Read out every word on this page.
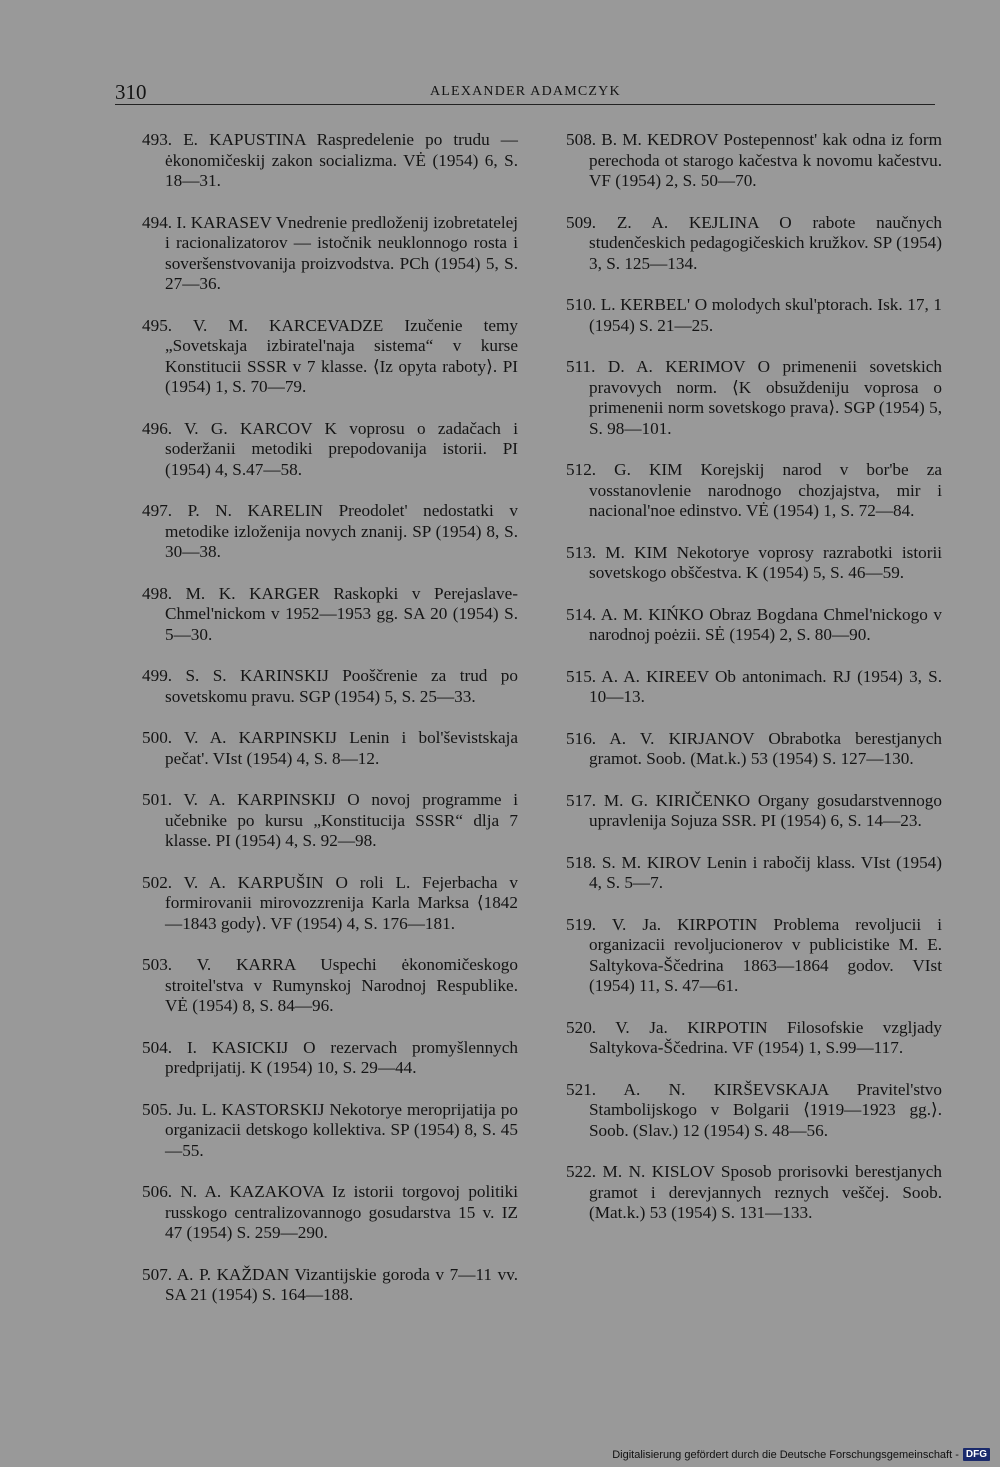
310	ALEXANDER ADAMCZYK

493. E. KAPUSTINA Raspredelenie po trudu — ėkonomičeskij zakon socializma. VĖ (1954) 6, S. 18—31.

494. I. KARASEV Vnedrenie predloženij izobretatelej i racionalizatorov — istočnik neuklonnogo rosta i soveršenstvovanija proizvodstva. PCh (1954) 5, S. 27—36.

495. V. M. KARCEVADZE Izučenie temy „Sovetskaja izbiratel'naja sistema“ v kurse Konstitucii SSSR v 7 klasse. ⟨Iz opyta raboty⟩. PI (1954) 1, S. 70—79.

496. V. G. KARCOV K voprosu o zadačach i soderžanii metodiki prepodovanija istorii. PI (1954) 4, S.47—58.

497. P. N. KARELIN Preodolet' nedostatki v metodike izloženija novych znanij. SP (1954) 8, S. 30—38.

498. M. K. KARGER Raskopki v Perejaslave-Chmel'nickom v 1952—1953 gg. SA 20 (1954) S. 5—30.

499. S. S. KARINSKIJ Pooščrenie za trud po sovetskomu pravu. SGP (1954) 5, S. 25—33.

500. V. A. KARPINSKIJ Lenin i bol'ševistskaja pečat'. VIst (1954) 4, S. 8—12.

501. V. A. KARPINSKIJ O novoj programme i učebnike po kursu „Konstitucija SSSR“ dlja 7 klasse. PI (1954) 4, S. 92—98.

502. V. A. KARPUŠIN O roli L. Fejerbacha v formirovanii mirovozzrenija Karla Marksa ⟨1842—1843 gody⟩. VF (1954) 4, S. 176—181.

503. V. KARRA Uspechi ėkonomičeskogo stroitel'stva v Rumynskoj Narodnoj Respublike. VĖ (1954) 8, S. 84—96.

504. I. KASICKIJ O rezervach promyšlennych predprijatij. K (1954) 10, S. 29—44.

505. Ju. L. KASTORSKIJ Nekotorye meroprijatija po organizacii detskogo kollektiva. SP (1954) 8, S. 45—55.

506. N. A. KAZAKOVA Iz istorii torgovoj politiki russkogo centralizovannogo gosudarstva 15 v. IZ 47 (1954) S. 259—290.

507. A. P. KAŽDAN Vizantijskie goroda v 7—11 vv. SA 21 (1954) S. 164—188.

508. B. M. KEDROV Postepennost' kak odna iz form perechoda ot starogo kačestva k novomu kačestvu. VF (1954) 2, S. 50—70.

509. Z. A. KEJLINA O rabote naučnych studenčeskich pedagogičeskich kružkov. SP (1954) 3, S. 125—134.

510. L. KERBEL' O molodych skul'ptorach. Isk. 17, 1 (1954) S. 21—25.

511. D. A. KERIMOV O primenenii sovetskich pravovych norm. ⟨K obsuždeniju voprosa o primenenii norm sovetskogo prava⟩. SGP (1954) 5, S. 98—101.

512. G. KIM Korejskij narod v bor'be za vosstanovlenie narodnogo chozjajstva, mir i nacional'noe edinstvo. VĖ (1954) 1, S. 72—84.

513. M. KIM Nekotorye voprosy razrabotki istorii sovetskogo obščestva. K (1954) 5, S. 46—59.

514. A. M. KIŃKO Obraz Bogdana Chmel'nickogo v narodnoj poėzii. SĖ (1954) 2, S. 80—90.

515. A. A. KIREEV Ob antonimach. RJ (1954) 3, S. 10—13.

516. A. V. KIRJANOV Obrabotka berestjanych gramot. Soob. (Mat.k.) 53 (1954) S. 127—130.

517. M. G. KIRIČENKO Organy gosudarstvennogo upravlenija Sojuza SSR. PI (1954) 6, S. 14—23.

518. S. M. KIROV Lenin i rabočij klass. VIst (1954) 4, S. 5—7.

519. V. Ja. KIRPOTIN Problema revoljucii i organizacii revoljucionerov v publicistike M. E. Saltykova-Ščedrina 1863—1864 godov. VIst (1954) 11, S. 47—61.

520. V. Ja. KIRPOTIN Filosofskie vzgljady Saltykova-Ščedrina. VF (1954) 1, S.99—117.

521. A. N. KIRŠEVSKAJA Pravitel'stvo Stambolijskogo v Bolgarii ⟨1919—1923 gg.⟩. Soob. (Slav.) 12 (1954) S. 48—56.

522. M. N. KISLOV Sposob prorisovki berestjanych gramot i derevjannych reznych veščej. Soob. (Mat.k.) 53 (1954) S. 131—133.

Digitalisierung gefördert durch die Deutsche Forschungsgemeinschaft - DFG
